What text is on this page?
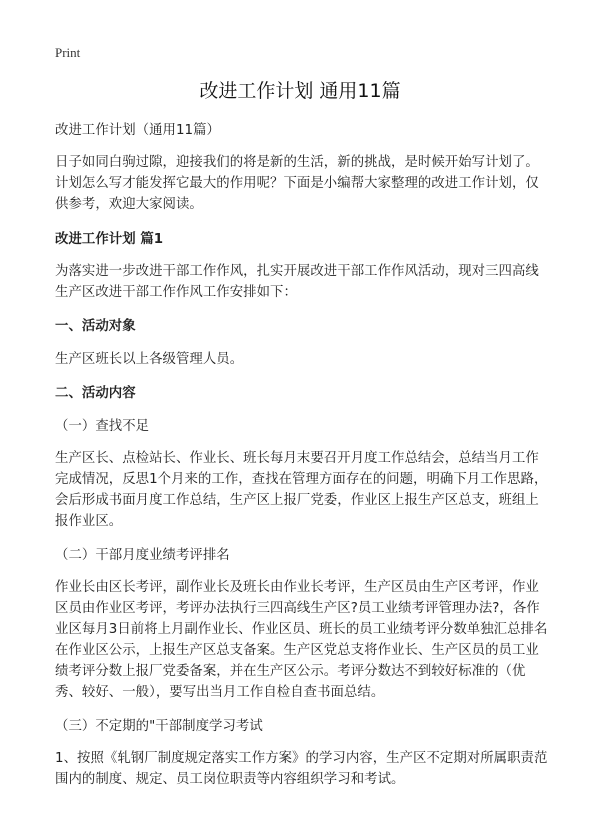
Print
改进工作计划 通用11篇

改进工作计划（通用11篇）

日子如同白驹过隙，迎接我们的将是新的生活，新的挑战，是时候开始写计划了。计划怎么写才能发挥它最大的作用呢？下面是小编帮大家整理的改进工作计划，仅供参考，欢迎大家阅读。

改进工作计划 篇1

为落实进一步改进干部工作作风，扎实开展改进干部工作作风活动，现对三四高线生产区改进干部工作作风工作安排如下：

一、活动对象

生产区班长以上各级管理人员。

二、活动内容

（一）查找不足

生产区长、点检站长、作业长、班长每月末要召开月度工作总结会，总结当月工作完成情况，反思1个月来的工作，查找在管理方面存在的问题，明确下月工作思路，会后形成书面月度工作总结，生产区上报厂党委，作业区上报生产区总支，班组上报作业区。

（二）干部月度业绩考评排名

作业长由区长考评，副作业长及班长由作业长考评，生产区员由生产区考评，作业区员由作业区考评，考评办法执行三四高线生产区?员工业绩考评管理办法?，各作业区每月3日前将上月副作业长、作业区员、班长的员工业绩考评分数单独汇总排名在作业区公示，上报生产区总支备案。生产区党总支将作业长、生产区员的员工业绩考评分数上报厂党委备案，并在生产区公示。考评分数达不到较好标准的（优秀、较好、一般），要写出当月工作自检自查书面总结。

（三）不定期的"干部制度学习考试

1、按照《轧钢厂制度规定落实工作方案》的学习内容，生产区不定期对所属职责范围内的制度、规定、员工岗位职责等内容组织学习和考试。
